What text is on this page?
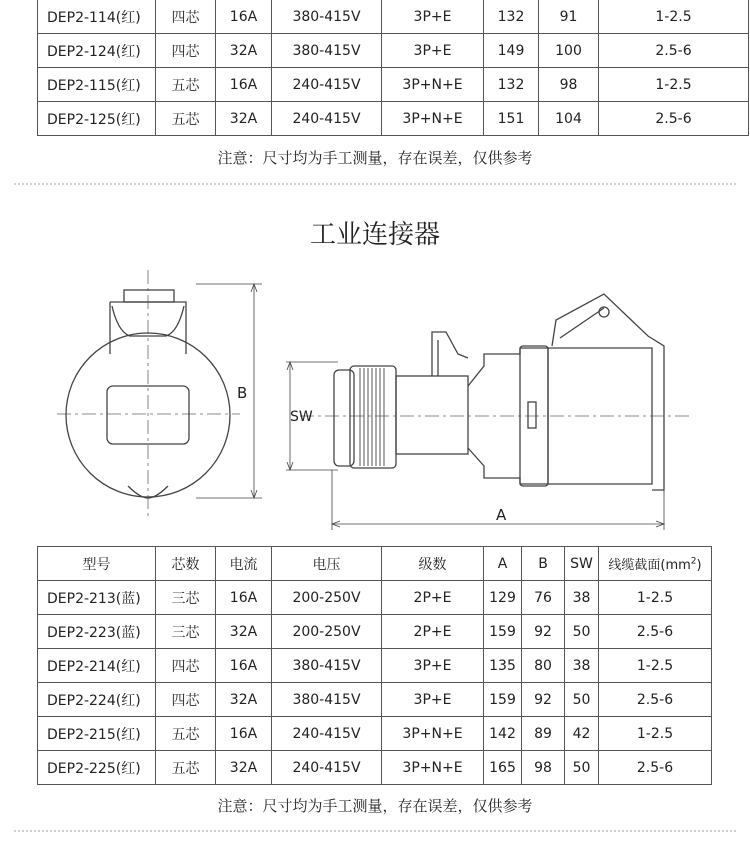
DEP2-114(红)	四芯	16A	380-415V	3P+E	132	91	1-2.5
DEP2-124(红)	四芯	32A	380-415V	3P+E	149	100	2.5-6
DEP2-115(红)	五芯	16A	240-415V	3P+N+E	132	98	1-2.5
DEP2-125(红)	五芯	32A	240-415V	3P+N+E	151	104	2.5-6
注意：尺寸均为手工测量，存在误差，仅供参考
工业连接器
B
SW
A
型号	芯数	电流	电压	级数	A	B	SW	线缆截面$(mm^2)$
DEP2-213(蓝)	三芯	16A	200-250V	2P+E	129	76	38	1-2.5
DEP2-223(蓝)	三芯	32A	200-250V	2P+E	159	92	50	2.5-6
DEP2-214(红)	四芯	16A	380-415V	3P+E	135	80	38	1-2.5
DEP2-224(红)	四芯	32A	380-415V	3P+E	159	92	50	2.5-6
DEP2-215(红)	五芯	16A	240-415V	3P+N+E	142	89	42	1-2.5
DEP2-225(红)	五芯	32A	240-415V	3P+N+E	165	98	50	2.5-6
注意：尺寸均为手工测量，存在误差，仅供参考
